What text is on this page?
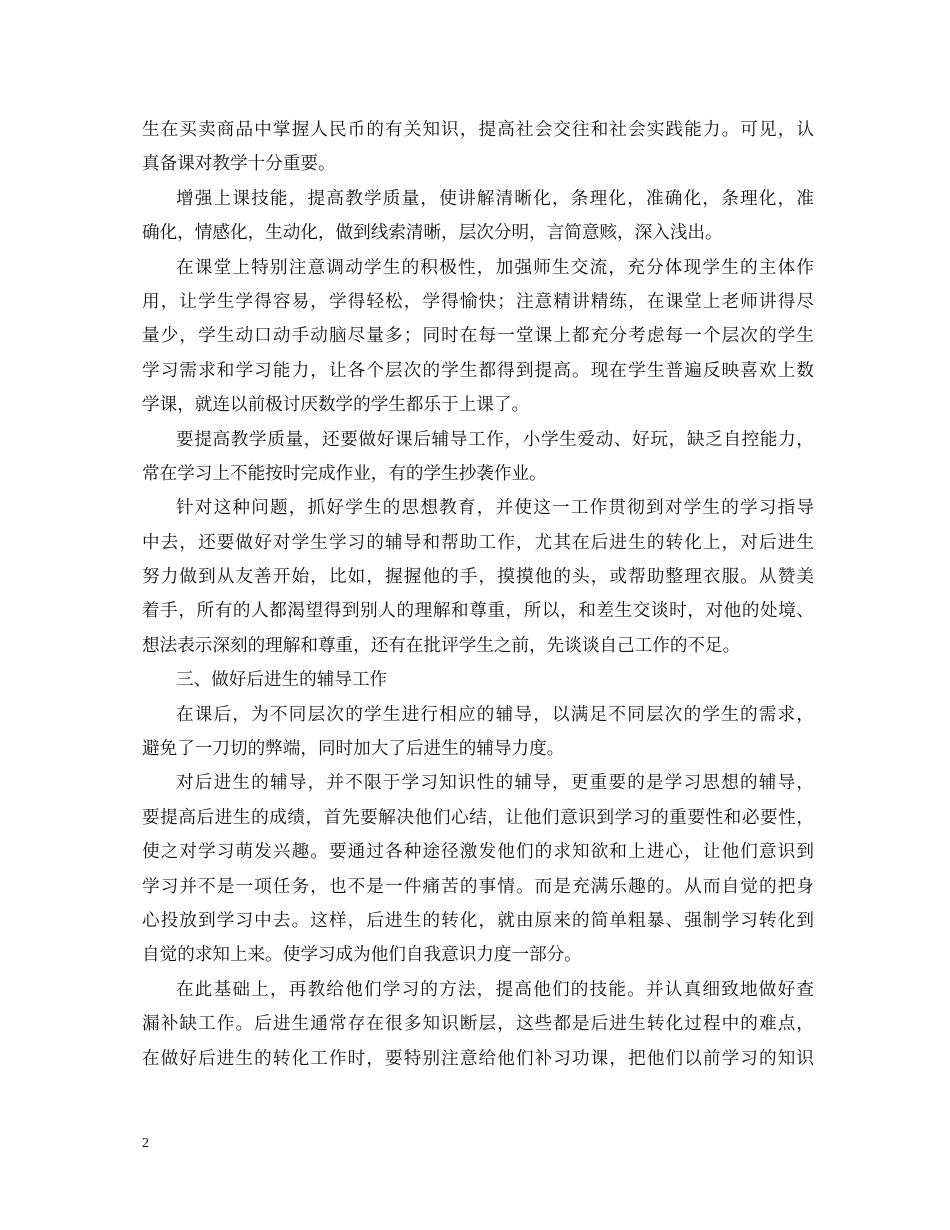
生在买卖商品中掌握人民币的有关知识，提高社会交往和社会实践能力。可见，认
真备课对教学十分重要。
增强上课技能，提高教学质量，使讲解清晰化，条理化，准确化，条理化，准
确化，情感化，生动化，做到线索清晰，层次分明，言简意赅，深入浅出。
在课堂上特别注意调动学生的积极性，加强师生交流，充分体现学生的主体作
用，让学生学得容易，学得轻松，学得愉快；注意精讲精练，在课堂上老师讲得尽
量少，学生动口动手动脑尽量多；同时在每一堂课上都充分考虑每一个层次的学生
学习需求和学习能力，让各个层次的学生都得到提高。现在学生普遍反映喜欢上数
学课，就连以前极讨厌数学的学生都乐于上课了。
要提高教学质量，还要做好课后辅导工作，小学生爱动、好玩，缺乏自控能力，
常在学习上不能按时完成作业，有的学生抄袭作业。
针对这种问题，抓好学生的思想教育，并使这一工作贯彻到对学生的学习指导
中去，还要做好对学生学习的辅导和帮助工作，尤其在后进生的转化上，对后进生
努力做到从友善开始，比如，握握他的手，摸摸他的头，或帮助整理衣服。从赞美
着手，所有的人都渴望得到别人的理解和尊重，所以，和差生交谈时，对他的处境、
想法表示深刻的理解和尊重，还有在批评学生之前，先谈谈自己工作的不足。
三、做好后进生的辅导工作
在课后，为不同层次的学生进行相应的辅导，以满足不同层次的学生的需求，
避免了一刀切的弊端，同时加大了后进生的辅导力度。
对后进生的辅导，并不限于学习知识性的辅导，更重要的是学习思想的辅导，
要提高后进生的成绩，首先要解决他们心结，让他们意识到学习的重要性和必要性，
使之对学习萌发兴趣。要通过各种途径激发他们的求知欲和上进心，让他们意识到
学习并不是一项任务，也不是一件痛苦的事情。而是充满乐趣的。从而自觉的把身
心投放到学习中去。这样，后进生的转化，就由原来的简单粗暴、强制学习转化到
自觉的求知上来。使学习成为他们自我意识力度一部分。
在此基础上，再教给他们学习的方法，提高他们的技能。并认真细致地做好查
漏补缺工作。后进生通常存在很多知识断层，这些都是后进生转化过程中的难点，
在做好后进生的转化工作时，要特别注意给他们补习功课，把他们以前学习的知识
2
